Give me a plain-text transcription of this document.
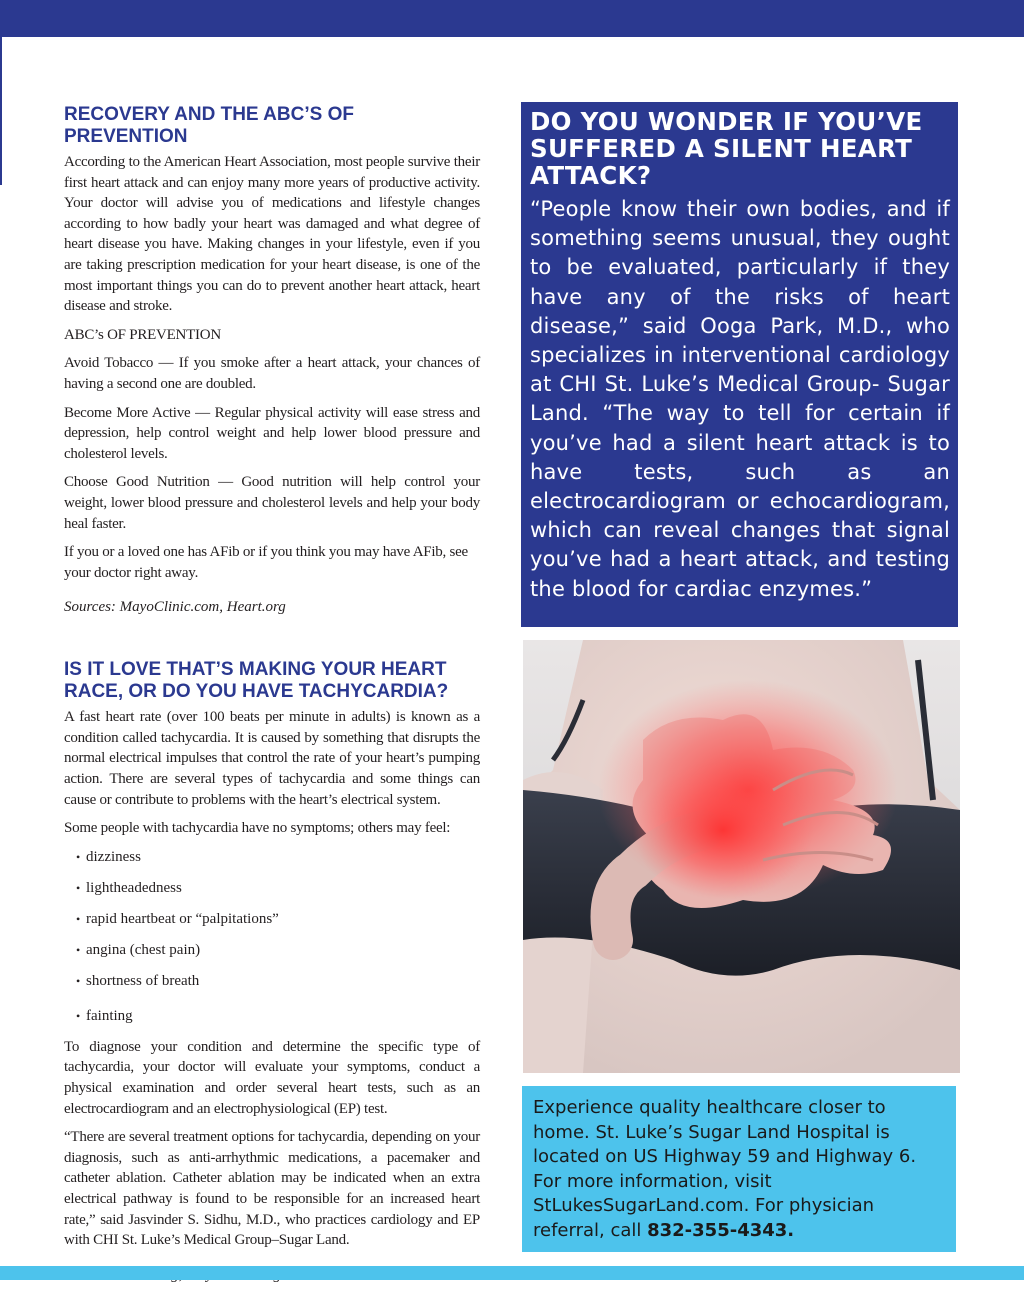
RECOVERY AND THE ABC’S OF PREVENTION

According to the American Heart Association, most people survive their first heart attack and can enjoy many more years of productive activity. Your doctor will advise you of medications and lifestyle changes according to how badly your heart was damaged and what degree of heart disease you have. Making changes in your lifestyle, even if you are taking prescription medication for your heart disease, is one of the most important things you can do to prevent another heart attack, heart disease and stroke.

ABC’s OF PREVENTION

Avoid Tobacco — If you smoke after a heart attack, your chances of having a second one are doubled.

Become More Active — Regular physical activity will ease stress and depression, help control weight and help lower blood pressure and cholesterol levels.

Choose Good Nutrition — Good nutrition will help control your weight, lower blood pressure and cholesterol levels and help your body heal faster.

If you or a loved one has AFib or if you think you may have AFib, see your doctor right away.

Sources: MayoClinic.com, Heart.org

IS IT LOVE THAT’S MAKING YOUR HEART RACE, OR DO YOU HAVE TACHYCARDIA?

A fast heart rate (over 100 beats per minute in adults) is known as a condition called tachycardia. It is caused by something that disrupts the normal electrical impulses that control the rate of your heart’s pumping action. There are several types of tachycardia and some things can cause or contribute to problems with the heart’s electrical system.

Some people with tachycardia have no symptoms; others may feel:

• dizziness
• lightheadedness
• rapid heartbeat or “palpitations”
• angina (chest pain)
• shortness of breath
• fainting

To diagnose your condition and determine the specific type of tachycardia, your doctor will evaluate your symptoms, conduct a physical examination and order several heart tests, such as an electrocardiogram and an electrophysiological (EP) test.

“There are several treatment options for tachycardia, depending on your diagnosis, such as anti-arrhythmic medications, a pacemaker and catheter ablation. Catheter ablation may be indicated when an extra electrical pathway is found to be responsible for an increased heart rate,” said Jasvinder S. Sidhu, M.D., who practices cardiology and EP with CHI St. Luke’s Medical Group–Sugar Land.

DO YOU WONDER IF YOU’VE SUFFERED A SILENT HEART ATTACK?

“People know their own bodies, and if something seems unusual, they ought to be evaluated, particularly if they have any of the risks of heart disease,” said Ooga Park, M.D., who specializes in interventional cardiology at CHI St. Luke’s Medical Group- Sugar Land. “The way to tell for certain if you’ve had a silent heart attack is to have tests, such as an electrocardiogram or echocardiogram, which can reveal changes that signal you’ve had a heart attack, and testing the blood for cardiac enzymes.”

Experience quality healthcare closer to home. St. Luke’s Sugar Land Hospital is located on US Highway 59 and Highway 6. For more information, visit StLukesSugarLand.com. For physician referral, call 832-355-4343.
